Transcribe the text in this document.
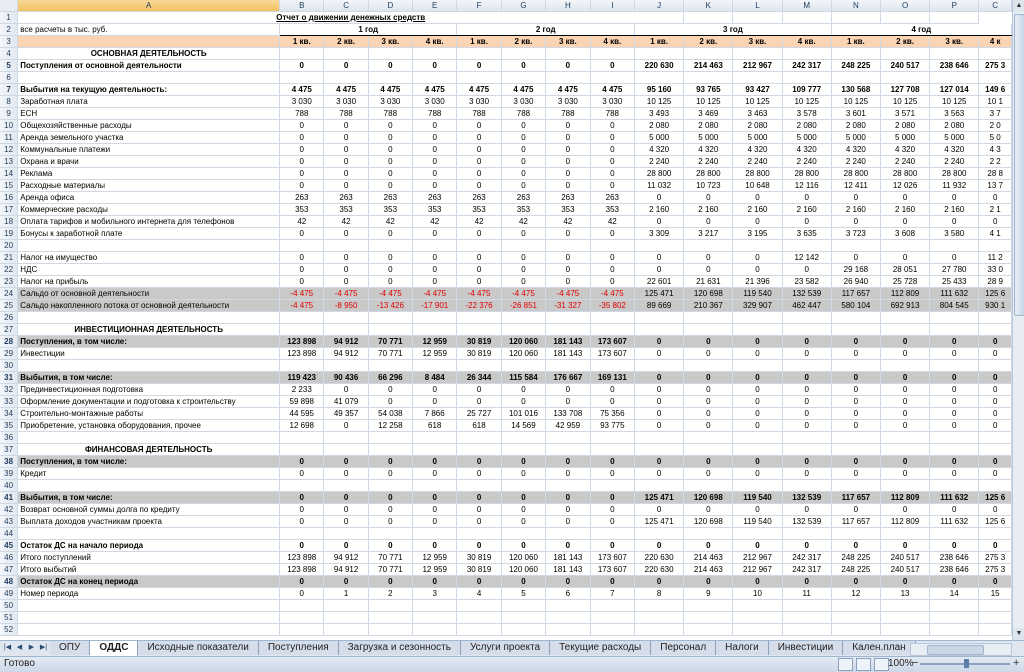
	A	B	C	D	E	F	G	H	I	J	K	L	M	N	O	P	C
1	Отчет о движении денежных средств																
2	все расчеты в тыс. руб.	1 год				2 год				3 год				4 год			
3		1 кв.	2 кв.	3 кв.	4 кв.	1 кв.	2 кв.	3 кв.	4 кв.	1 кв.	2 кв.	3 кв.	4 кв.	1 кв.	2 кв.	3 кв.	4 к
4	ОСНОВНАЯ ДЕЯТЕЛЬНОСТЬ																
5	Поступления от основной деятельности	0	0	0	0	0	0	0	0	220 630	214 463	212 967	242 317	248 225	240 517	238 646	275 3
6																	
7	Выбытия на текущую деятельность:	4 475	4 475	4 475	4 475	4 475	4 475	4 475	4 475	95 160	93 765	93 427	109 777	130 568	127 708	127 014	149 6
8	Заработная плата	3 030	3 030	3 030	3 030	3 030	3 030	3 030	3 030	10 125	10 125	10 125	10 125	10 125	10 125	10 125	10 1
9	ЕСН	788	788	788	788	788	788	788	788	3 493	3 469	3 463	3 578	3 601	3 571	3 563	3 7
10	Общехозяйственные расходы	0	0	0	0	0	0	0	0	2 080	2 080	2 080	2 080	2 080	2 080	2 080	2 0
11	Аренда земельного участка	0	0	0	0	0	0	0	0	5 000	5 000	5 000	5 000	5 000	5 000	5 000	5 0
12	Коммунальные платежи	0	0	0	0	0	0	0	0	4 320	4 320	4 320	4 320	4 320	4 320	4 320	4 3
13	Охрана и врачи	0	0	0	0	0	0	0	0	2 240	2 240	2 240	2 240	2 240	2 240	2 240	2 2
14	Реклама	0	0	0	0	0	0	0	0	28 800	28 800	28 800	28 800	28 800	28 800	28 800	28 8
15	Расходные материалы	0	0	0	0	0	0	0	0	11 032	10 723	10 648	12 116	12 411	12 026	11 932	13 7
16	Аренда офиса	263	263	263	263	263	263	263	263	0	0	0	0	0	0	0	0
17	Коммерческие расходы	353	353	353	353	353	353	353	353	2 160	2 160	2 160	2 160	2 160	2 160	2 160	2 1
18	Оплата тарифов и мобильного интернета для телефонов	42	42	42	42	42	42	42	42	0	0	0	0	0	0	0	0
19	Бонусы к заработной плате	0	0	0	0	0	0	0	0	3 309	3 217	3 195	3 635	3 723	3 608	3 580	4 1
20																	
21	Налог на имущество	0	0	0	0	0	0	0	0	0	0	0	12 142	0	0	0	11 2
22	НДС	0	0	0	0	0	0	0	0	0	0	0	0	29 168	28 051	27 780	33 0
23	Налог на прибыль	0	0	0	0	0	0	0	0	22 601	21 631	21 396	23 582	26 940	25 728	25 433	28 9
24	Сальдо от основной деятельности	-4 475	-4 475	-4 475	-4 475	-4 475	-4 475	-4 475	-4 475	125 471	120 698	119 540	132 539	117 657	112 809	111 632	125 6
25	Сальдо накопленного потока от основной деятельности	-4 475	-8 950	-13 426	-17 901	-22 376	-26 851	-31 327	-35 802	89 669	210 367	329 907	462 447	580 104	692 913	804 545	930 1
26																	
27	ИНВЕСТИЦИОННАЯ ДЕЯТЕЛЬНОСТЬ																
28	Поступления, в том числе:	123 898	94 912	70 771	12 959	30 819	120 060	181 143	173 607	0	0	0	0	0	0	0	0
29	Инвестиции	123 898	94 912	70 771	12 959	30 819	120 060	181 143	173 607	0	0	0	0	0	0	0	0
30																	
31	Выбытия, в том числе:	119 423	90 436	66 296	8 484	26 344	115 584	176 667	169 131	0	0	0	0	0	0	0	0
32	Прединвестиционная подготовка	2 233	0	0	0	0	0	0	0	0	0	0	0	0	0	0	0
33	Оформление документации и подготовка к строительству	59 898	41 079	0	0	0	0	0	0	0	0	0	0	0	0	0	0
34	Строительно-монтажные работы	44 595	49 357	54 038	7 866	25 727	101 016	133 708	75 356	0	0	0	0	0	0	0	0
35	Приобретение, установка оборудования, прочее	12 698	0	12 258	618	618	14 569	42 959	93 775	0	0	0	0	0	0	0	0
36																	
37	ФИНАНСОВАЯ ДЕЯТЕЛЬНОСТЬ																
38	Поступления, в том числе:	0	0	0	0	0	0	0	0	0	0	0	0	0	0	0	0
39	Кредит	0	0	0	0	0	0	0	0	0	0	0	0	0	0	0	0
40																	
41	Выбытия, в том числе:	0	0	0	0	0	0	0	0	125 471	120 698	119 540	132 539	117 657	112 809	111 632	125 6
42	Возврат основной суммы долга по кредиту	0	0	0	0	0	0	0	0	0	0	0	0	0	0	0	0
43	Выплата доходов участникам проекта	0	0	0	0	0	0	0	0	125 471	120 698	119 540	132 539	117 657	112 809	111 632	125 6
44																	
45	Остаток ДС на начало периода	0	0	0	0	0	0	0	0	0	0	0	0	0	0	0	0
46	Итого поступлений	123 898	94 912	70 771	12 959	30 819	120 060	181 143	173 607	220 630	214 463	212 967	242 317	248 225	240 517	238 646	275 3
47	Итого выбытий	123 898	94 912	70 771	12 959	30 819	120 060	181 143	173 607	220 630	214 463	212 967	242 317	248 225	240 517	238 646	275 3
48	Остаток ДС на конец периода	0	0	0	0	0	0	0	0	0	0	0	0	0	0	0	0
49	Номер периода	0	1	2	3	4	5	6	7	8	9	10	11	12	13	14	15
50																	
51																	
52																	
▲
▼
|◀ ◀ ▶ ▶|	ОПУ	ОДДС	Исходные показатели	Поступления	Загрузка и сезонность	Услуги проекта	Текущие расходы	Персонал	Налоги	Инвестиции	Кален.план
Готово	100%
−	+
